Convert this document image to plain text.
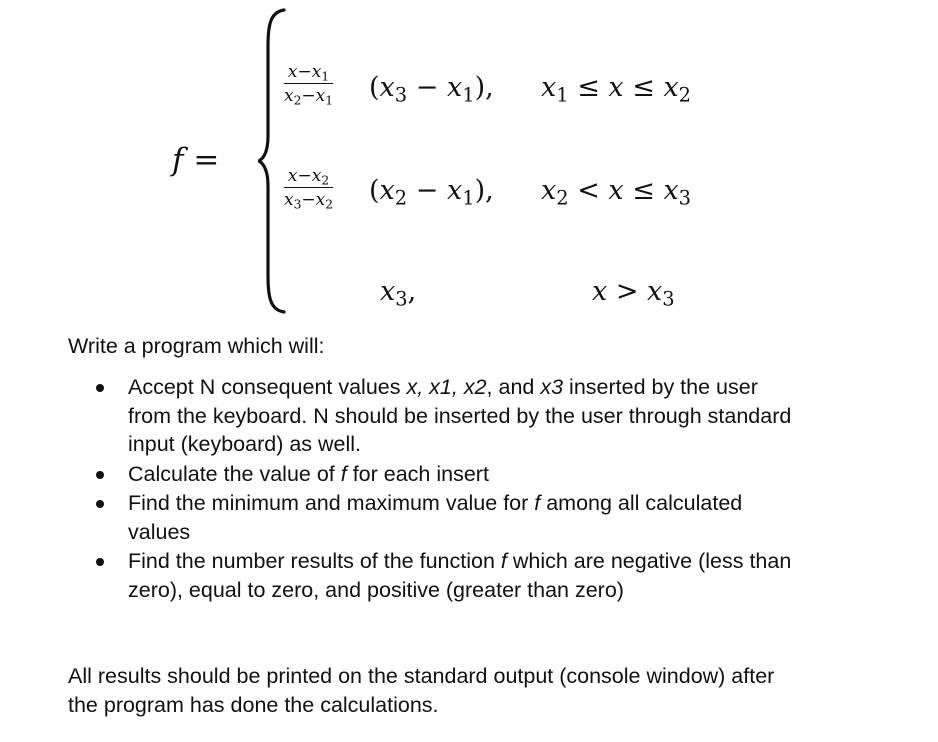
f =
$x-x_1$
$x_2-x_1$ $(x_3 - x_1)$, $x_1 \le x \le x_2$
$x-x_2$
$x_3-x_2$ $(x_2 - x_1)$, $x_2 < x \le x_3$
$x_3$,	$x > x_3$

Write a program which will:

Accept N consequent values x, x1, x2, and x3 inserted by the user
from the keyboard. N should be inserted by the user through standard
input (keyboard) as well.
Calculate the value of f for each insert
Find the minimum and maximum value for f among all calculated
values
Find the number results of the function f which are negative (less than
zero), equal to zero, and positive (greater than zero)

All results should be printed on the standard output (console window) after
the program has done the calculations.
